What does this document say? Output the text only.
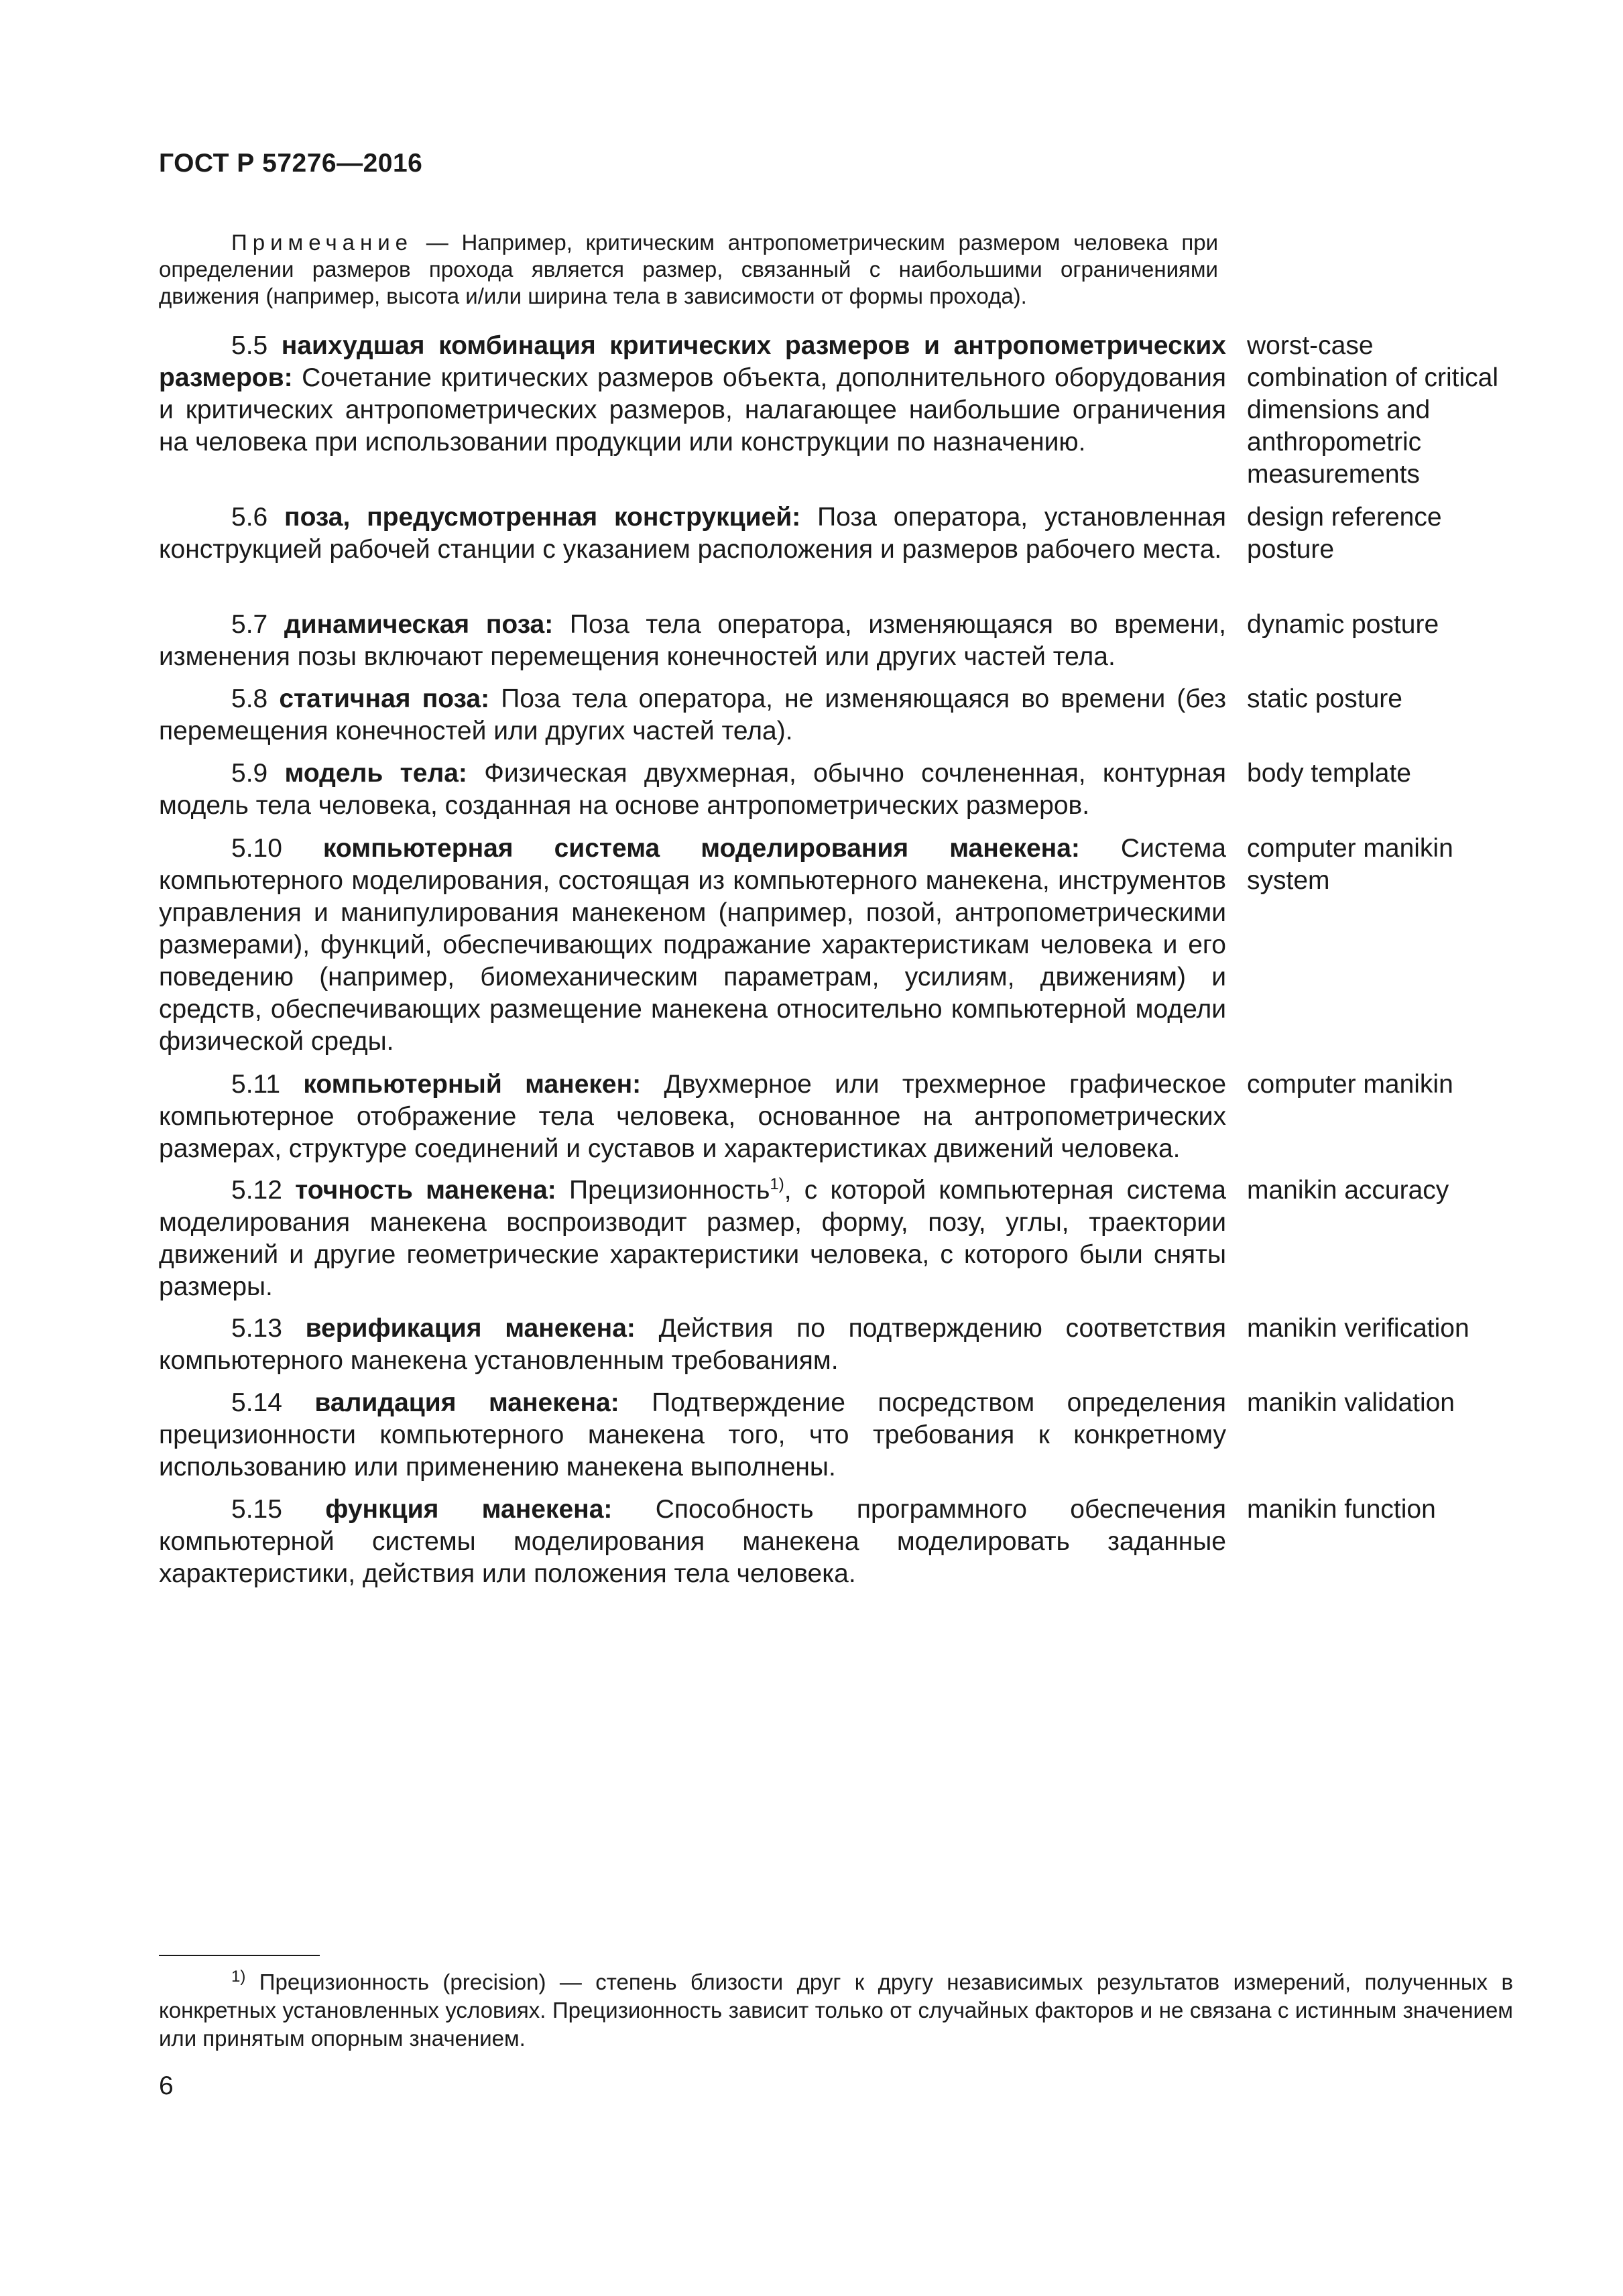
ГОСТ Р 57276—2016
Примечание — Например, критическим антропометрическим размером человека при определении размеров прохода является размер, связанный с наибольшими ограничениями движения (например, высота и/или ширина тела в зависимости от формы прохода).
5.5 наихудшая комбинация критических размеров и антропометрических размеров: Сочетание критических размеров объекта, дополнительного оборудования и критических антропометрических размеров, налагающее наибольшие ограничения на человека при использовании продукции или конструкции по назначению.
worst-case combination of critical dimensions and anthropometric measurements
5.6 поза, предусмотренная конструкцией: Поза оператора, установленная конструкцией рабочей станции с указанием расположения и размеров рабочего места.
design reference posture
5.7 динамическая поза: Поза тела оператора, изменяющаяся во времени, изменения позы включают перемещения конечностей или других частей тела.
dynamic posture
5.8 статичная поза: Поза тела оператора, не изменяющаяся во времени (без перемещения конечностей или других частей тела).
static posture
5.9 модель тела: Физическая двухмерная, обычно сочлененная, контурная модель тела человека, созданная на основе антропометрических размеров.
body template
5.10 компьютерная система моделирования манекена: Система компьютерного моделирования, состоящая из компьютерного манекена, инструментов управления и манипулирования манекеном (например, позой, антропометрическими размерами), функций, обеспечивающих подражание характеристикам человека и его поведению (например, биомеханическим параметрам, усилиям, движениям) и средств, обеспечивающих размещение манекена относительно компьютерной модели физической среды.
computer manikin system
5.11 компьютерный манекен: Двухмерное или трехмерное графическое компьютерное отображение тела человека, основанное на антропометрических размерах, структуре соединений и суставов и характеристиках движений человека.
computer manikin
5.12 точность манекена: Прецизионность$^{1)}$, с которой компьютерная система моделирования манекена воспроизводит размер, форму, позу, углы, траектории движений и другие геометрические характеристики человека, с которого были сняты размеры.
manikin accuracy
5.13 верификация манекена: Действия по подтверждению соответствия компьютерного манекена установленным требованиям.
manikin verification
5.14 валидация манекена: Подтверждение посредством определения прецизионности компьютерного манекена того, что требования к конкретному использованию или применению манекена выполнены.
manikin validation
5.15 функция манекена: Способность программного обеспечения компьютерной системы моделирования манекена моделировать заданные характеристики, действия или положения тела человека.
manikin function
$^{1)}$ Прецизионность (precision) — степень близости друг к другу независимых результатов измерений, полученных в конкретных установленных условиях. Прецизионность зависит только от случайных факторов и не связана с истинным значением или принятым опорным значением.
6
